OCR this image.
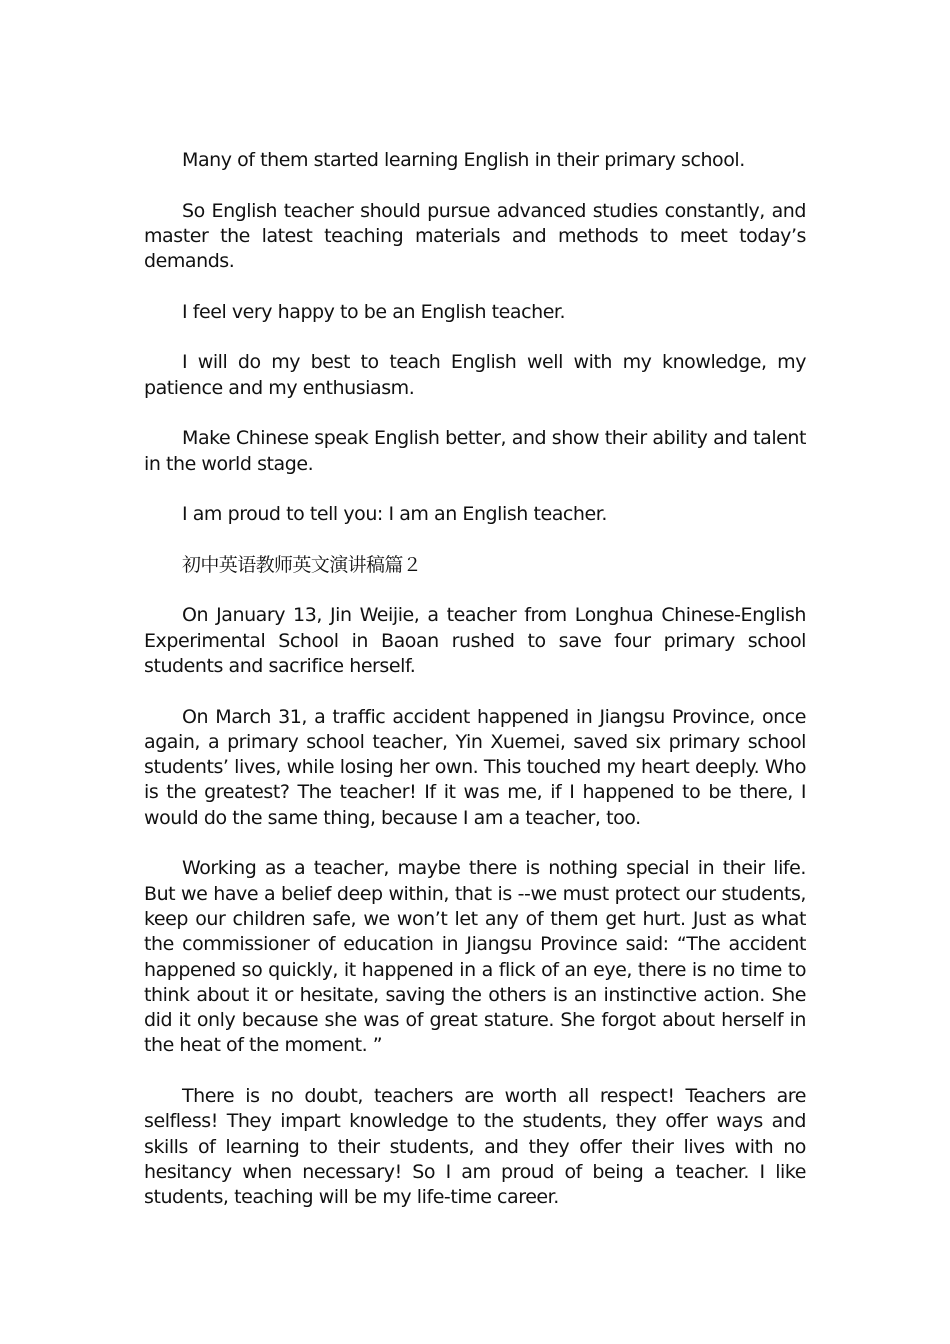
Many of them started learning English in their primary school.

So English teacher should pursue advanced studies constantly, and master the latest teaching materials and methods to meet today’s demands.

I feel very happy to be an English teacher.

I will do my best to teach English well with my knowledge, my patience and my enthusiasm.

Make Chinese speak English better, and show their ability and talent in the world stage.

I am proud to tell you: I am an English teacher.

初中英语教师英文演讲稿篇２

On January 13, Jin Weijie, a teacher from Longhua Chinese-English Experimental School in Baoan rushed to save four primary school students and sacrifice herself.

On March 31, a traffic accident happened in Jiangsu Province, once again, a primary school teacher, Yin Xuemei, saved six primary school students’ lives, while losing her own. This touched my heart deeply. Who is the greatest? The teacher! If it was me, if I happened to be there, I would do the same thing, because I am a teacher, too.

Working as a teacher, maybe there is nothing special in their life. But we have a belief deep within, that is --we must protect our students, keep our children safe, we won’t let any of them get hurt. Just as what the commissioner of education in Jiangsu Province said: “The accident happened so quickly, it happened in a flick of an eye, there is no time to think about it or hesitate, saving the others is an instinctive action. She did it only because she was of great stature. She forgot about herself in the heat of the moment. ”

There is no doubt, teachers are worth all respect! Teachers are selfless! They impart knowledge to the students, they offer ways and skills of learning to their students, and they offer their lives with no hesitancy when necessary! So I am proud of being a teacher. I like students, teaching will be my life-time career.
